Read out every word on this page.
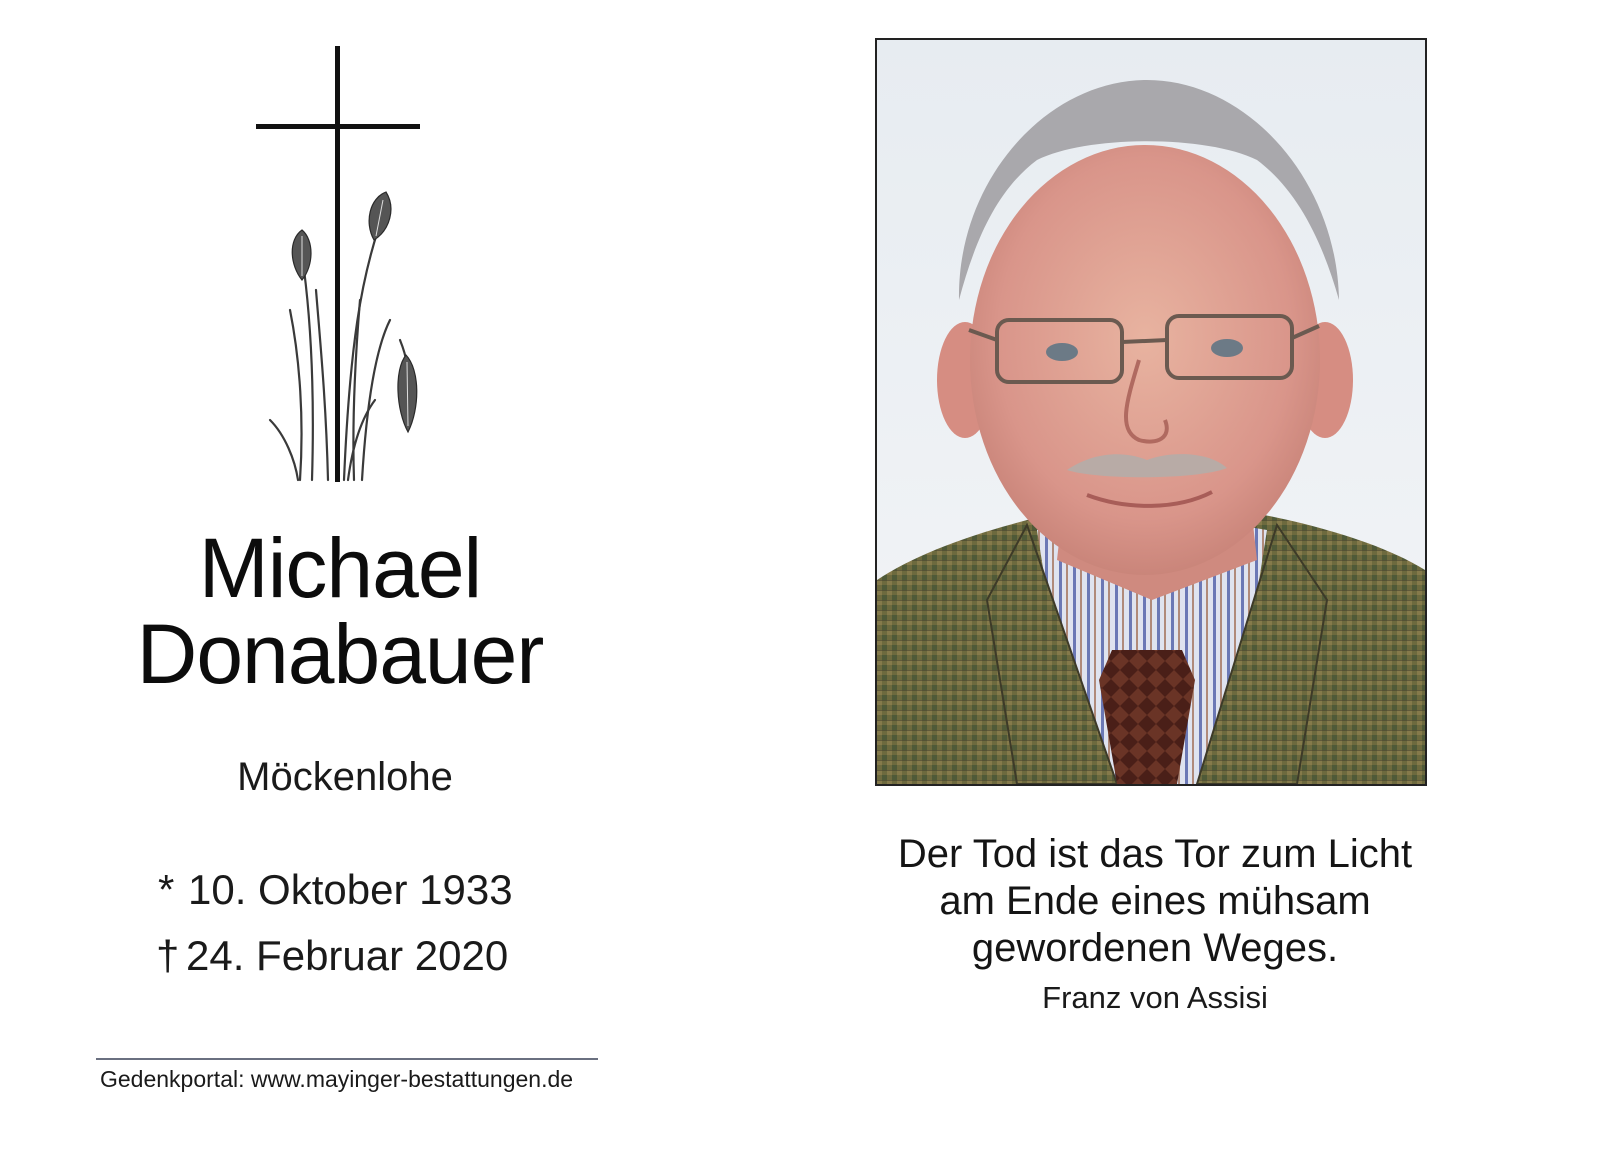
Michael
Donabauer
Möckenlohe
* 10. Oktober 1933
† 24. Februar 2020
Gedenkportal: www.mayinger-bestattungen.de
Der Tod ist das Tor zum Licht
am Ende eines mühsam
gewordenen Weges.
Franz von Assisi
